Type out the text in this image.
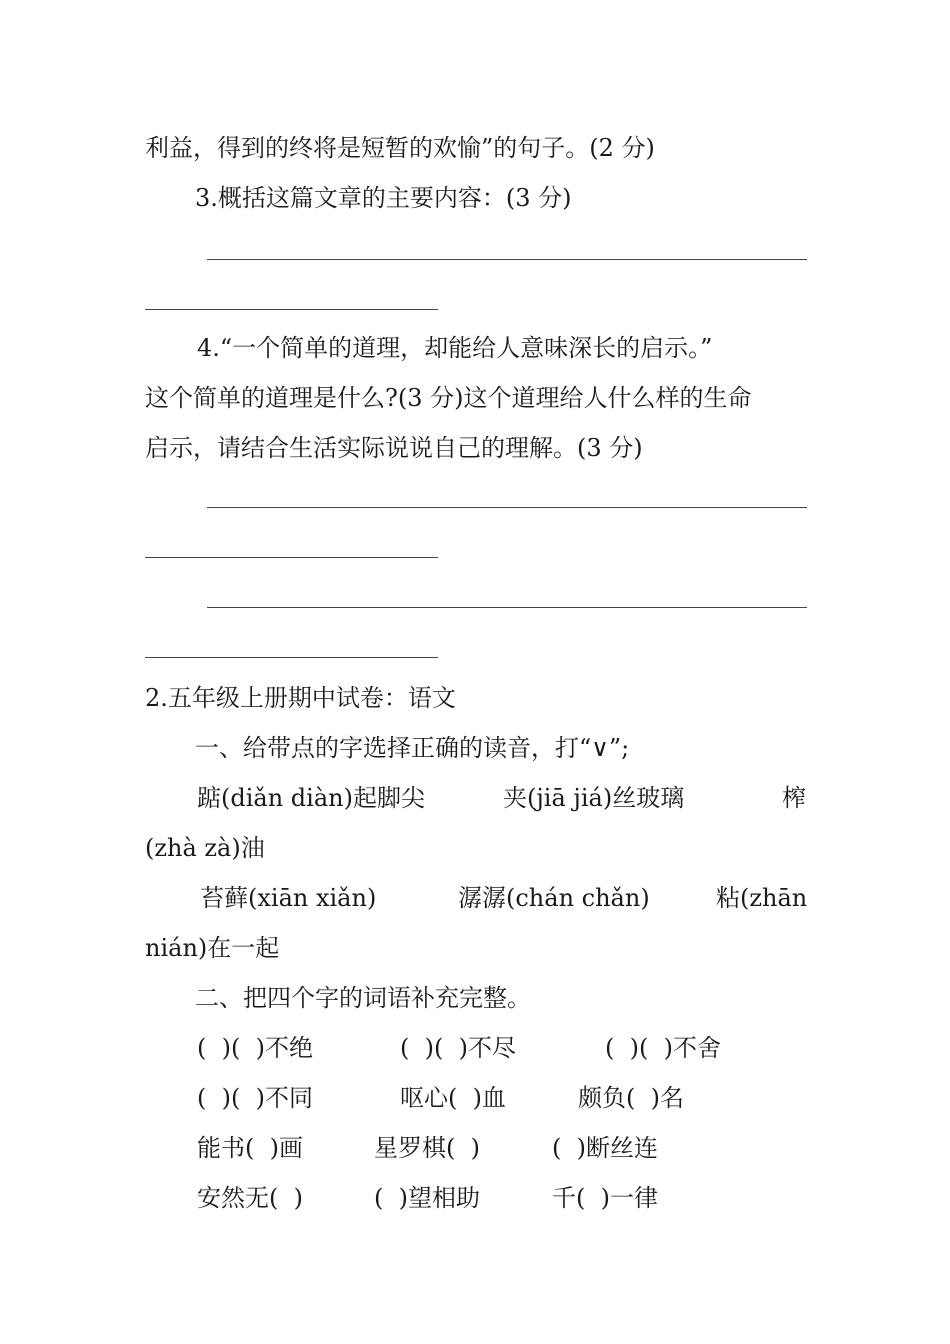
利益，得到的终将是短暂的欢愉”的句子。(2 分)
3.概括这篇文章的主要内容：(3 分)
4.“一个简单的道理，却能给人意味深长的启示。”
这个简单的道理是什么?(3 分)这个道理给人什么样的生命
启示，请结合生活实际说说自己的理解。(3 分)
2.五年级上册期中试卷：语文
一、给带点的字选择正确的读音，打“∨”;
踮(diǎn diàn)起脚尖	夹(jiā jiá)丝玻璃	榨
(zhà zà)油
苔藓(xiān xiǎn)	潺潺(chán chǎn)	粘(zhān
nián)在一起
二、把四个字的词语补充完整。
(  )(  )不绝	(  )(  )不尽	(  )(  )不舍
(  )(  )不同	呕心(  )血	颇负(  )名
能书(  )画	星罗棋(  )	(  )断丝连
安然无(  )	(  )望相助	千(  )一律
